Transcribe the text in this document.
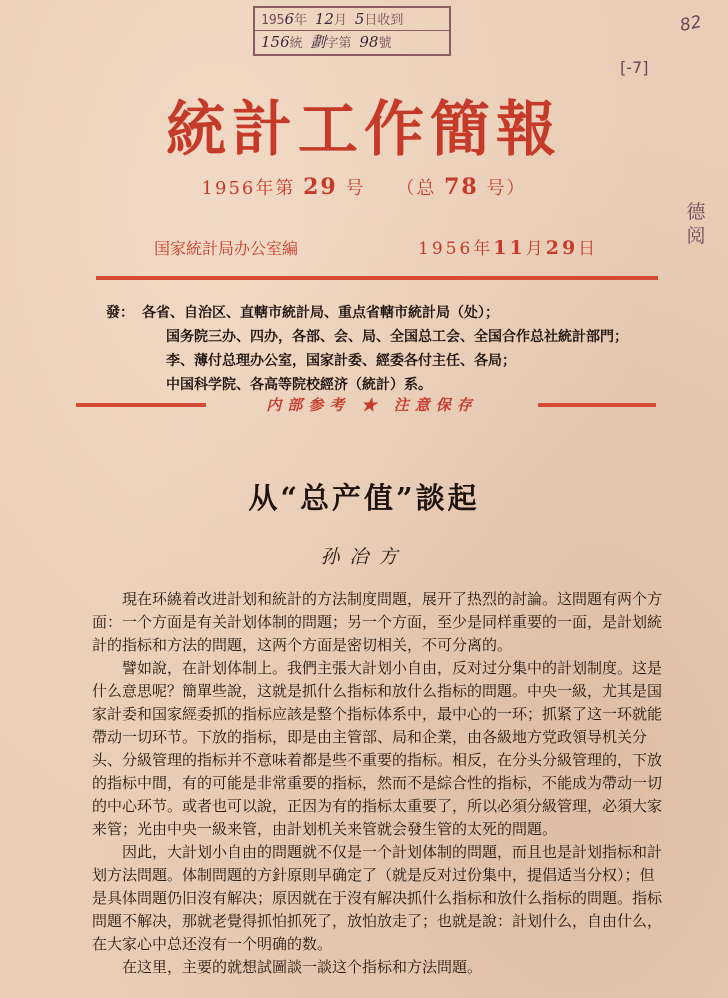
1956年 12月 5日收到
156統 劃字第 98號
82
[-7]
德 阅
統計工作簡報
1956年第 29 号 （总 78 号）
国家統計局办公室編	1956年11月29日
發： 各省、自治区、直轄市統計局、重点省轄市統計局（处）；
国务院三办、四办，各部、会、局、全国总工会、全国合作总社統計部門；
李、薄付总理办公室，国家計委、經委各付主任、各局；
中国科学院、各高等院校經济（統計）系。
内部参考 ★ 注意保存
从“总产值”談起
孙冶方
現在环繞着改进計划和統計的方法制度問題，展开了热烈的討論。这問題有两个方
面：一个方面是有关計划体制的問題；另一个方面，至少是同样重要的一面，是計划統
計的指标和方法的問題，这两个方面是密切相关，不可分离的。
譬如說，在計划体制上。我們主張大計划小自由，反对过分集中的計划制度。这是
什么意思呢？簡單些說，这就是抓什么指标和放什么指标的問題。中央一級，尤其是国
家計委和国家經委抓的指标应該是整个指标体系中，最中心的一环；抓紧了这一环就能
帶动一切环节。下放的指标，即是由主管部、局和企業，由各級地方党政領导机关分
头、分級管理的指标并不意味着都是些不重要的指标。相反，在分头分級管理的，下放
的指标中間，有的可能是非常重要的指标，然而不是綜合性的指标，不能成为帶动一切
的中心环节。或者也可以說，正因为有的指标太重要了，所以必須分級管理，必須大家
来管；光由中央一級来管，由計划机关来管就会發生管的太死的問題。
因此，大計划小自由的問題就不仅是一个計划体制的問題，而且也是計划指标和計
划方法問題。体制問題的方針原則早确定了（就是反对过份集中，提倡适当分权）；但
是具体問題仍旧沒有解决；原因就在于沒有解决抓什么指标和放什么指标的問題。指标
問題不解决，那就老覺得抓怕抓死了，放怕放走了；也就是說：計划什么，自由什么，
在大家心中总还沒有一个明确的数。
在这里，主要的就想試圖談一談这个指标和方法問題。
